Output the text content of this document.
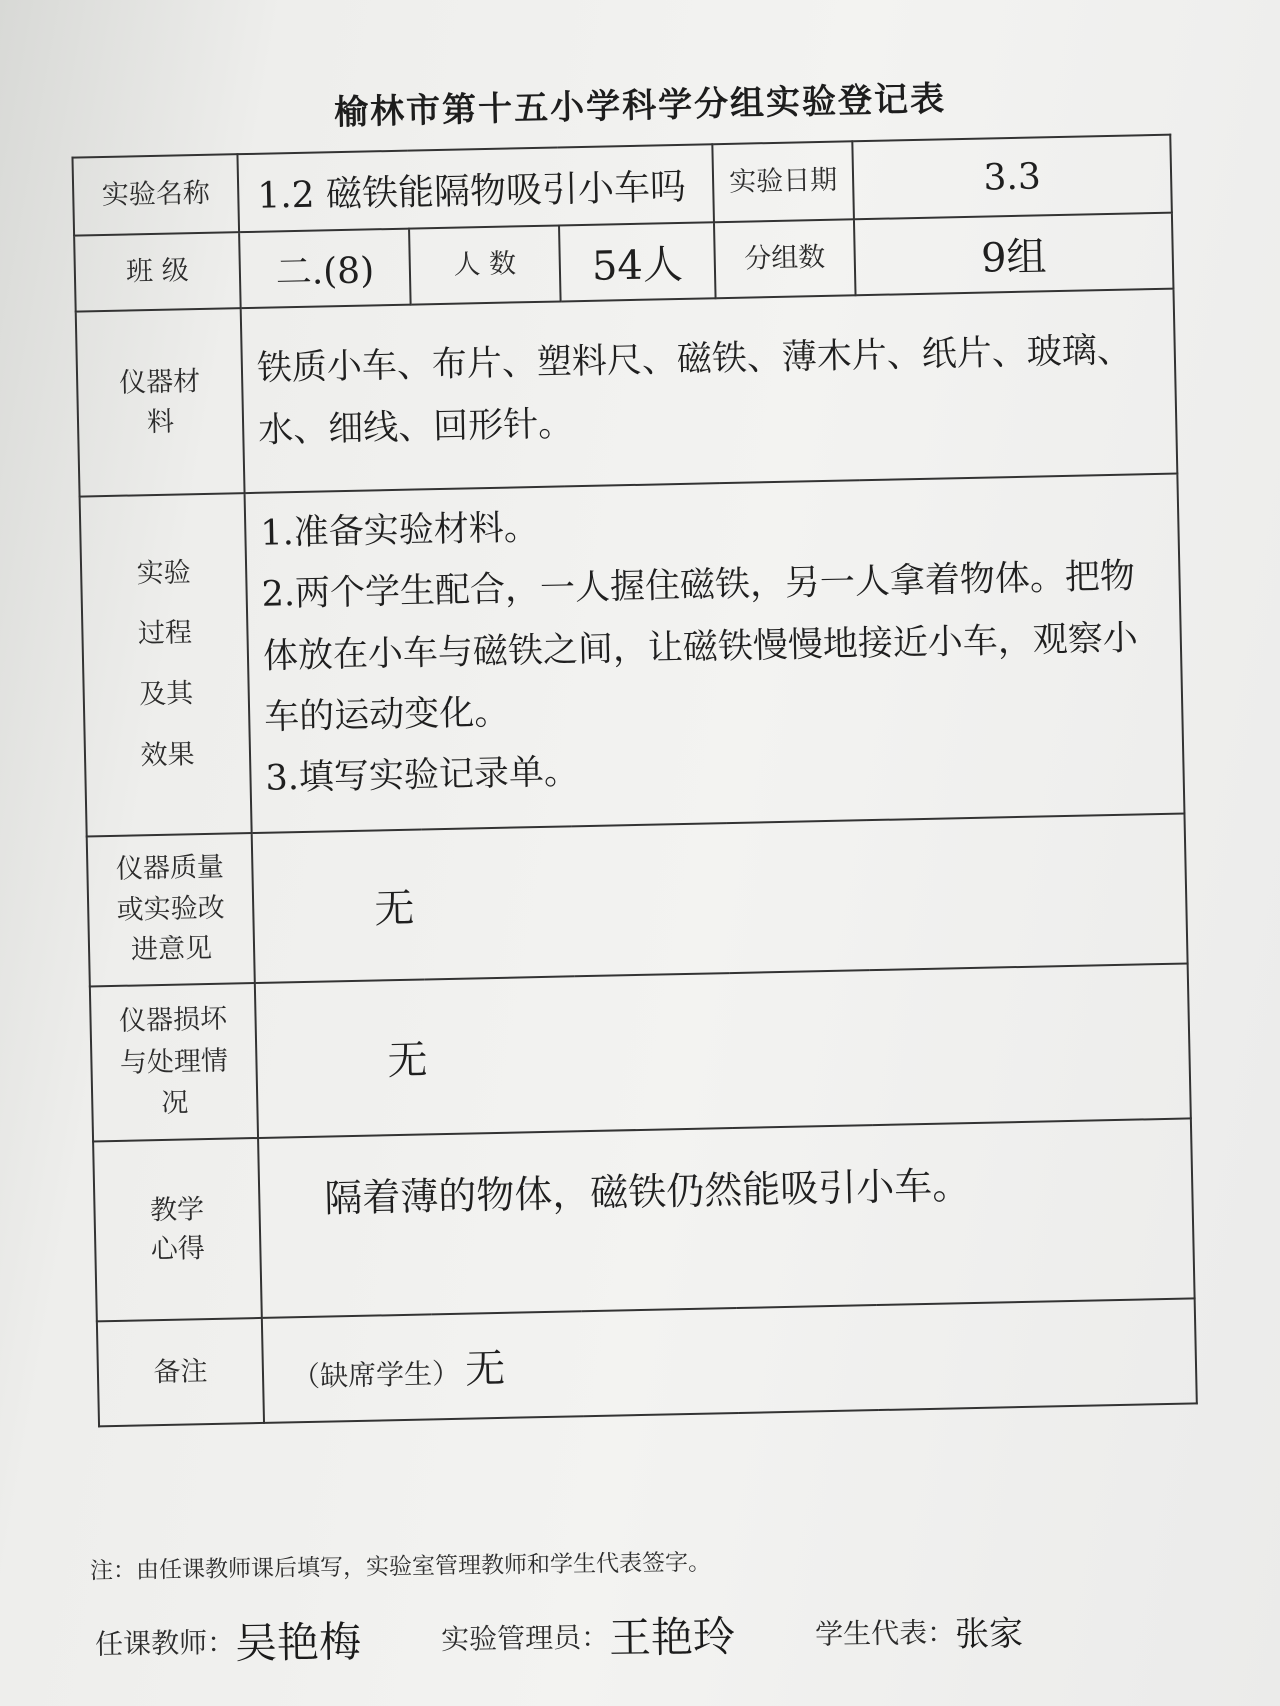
榆林市第十五小学科学分组实验登记表
实验名称	1.2 磁铁能隔物吸引小车吗			实验日期	3.3
班 级	二.(8)	人 数	54人	分组数	9组
仪器材料	铁质小车、布片、塑料尺、磁铁、薄木片、纸片、玻璃、水、细线、回形针。				
实验过程及其效果	1.准备实验材料。

2.两个学生配合，一人握住磁铁，另一人拿着物体。把物体放在小车与磁铁之间，让磁铁慢慢地接近小车，观察小车的运动变化。

3.填写实验记录单。				

仪器质量或实验改进意见	无				
仪器损坏与处理情况	无				
教学心得	隔着薄的物体，磁铁仍然能吸引小车。				
备注	（缺席学生） 无				
注：由任课教师课后填写，实验室管理教师和学生代表签字。
任课教师： 吴艳梅	实验管理员： 王艳玲	学生代表： 张家
